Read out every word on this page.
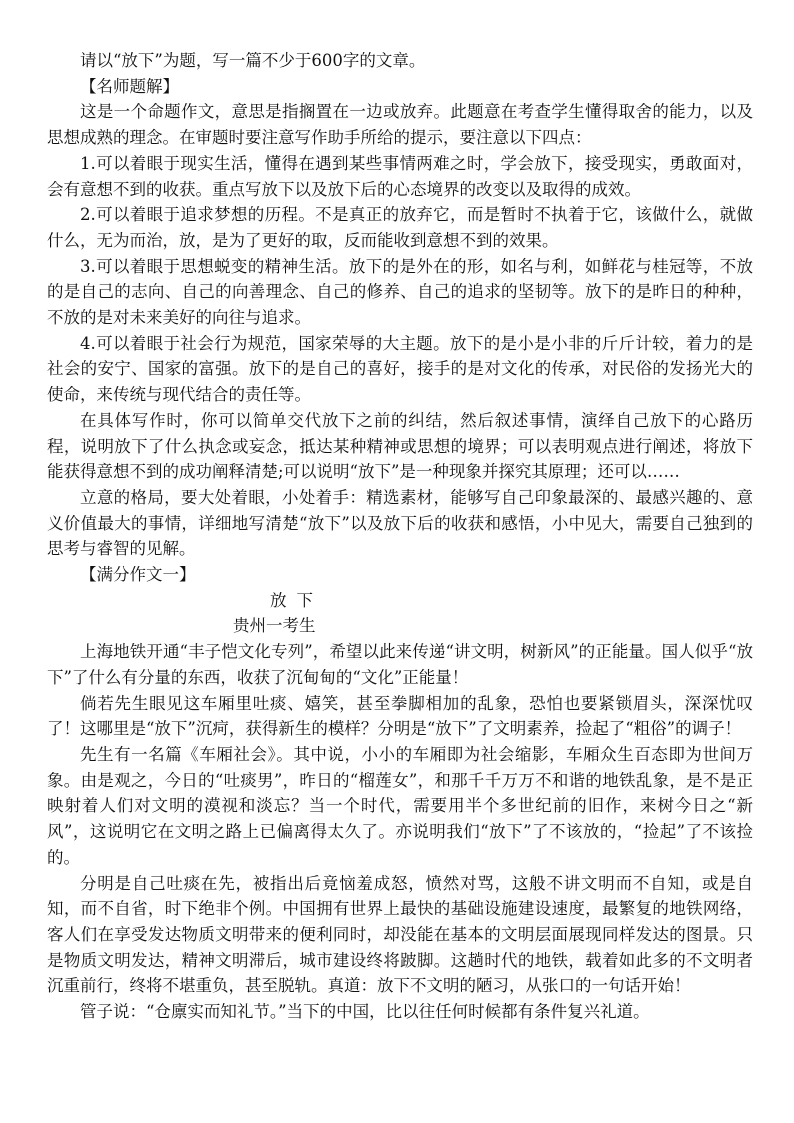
请以“放下”为题，写一篇不少于600字的文章。

【名师题解】

这是一个命题作文，意思是指搁置在一边或放弃。此题意在考查学生懂得取舍的能力，以及思想成熟的理念。在审题时要注意写作助手所给的提示，要注意以下四点：

1.可以着眼于现实生活，懂得在遇到某些事情两难之时，学会放下，接受现实，勇敢面对，会有意想不到的收获。重点写放下以及放下后的心态境界的改变以及取得的成效。

2.可以着眼于追求梦想的历程。不是真正的放弃它，而是暂时不执着于它，该做什么，就做什么，无为而治，放，是为了更好的取，反而能收到意想不到的效果。

3.可以着眼于思想蜕变的精神生活。放下的是外在的形，如名与利，如鲜花与桂冠等，不放的是自己的志向、自己的向善理念、自己的修养、自己的追求的坚韧等。放下的是昨日的种种，不放的是对未来美好的向往与追求。

4.可以着眼于社会行为规范，国家荣辱的大主题。放下的是小是小非的斤斤计较，着力的是社会的安宁、国家的富强。放下的是自己的喜好，接手的是对文化的传承，对民俗的发扬光大的使命，来传统与现代结合的责任等。

在具体写作时，你可以简单交代放下之前的纠结，然后叙述事情，演绎自己放下的心路历程，说明放下了什么执念或妄念，抵达某种精神或思想的境界；可以表明观点进行阐述，将放下能获得意想不到的成功阐释清楚;可以说明“放下”是一种现象并探究其原理；还可以……

立意的格局，要大处着眼，小处着手：精选素材，能够写自己印象最深的、最感兴趣的、意义价值最大的事情，详细地写清楚“放下”以及放下后的收获和感悟，小中见大，需要自己独到的思考与睿智的见解。

【满分作文一】

放下

贵州一考生

上海地铁开通“丰子恺文化专列”，希望以此来传递“讲文明，树新风”的正能量。国人似乎“放下”了什么有分量的东西，收获了沉甸甸的“文化”正能量！

倘若先生眼见这车厢里吐痰、嬉笑，甚至拳脚相加的乱象，恐怕也要紧锁眉头，深深忧叹了！这哪里是“放下”沉疴，获得新生的模样？分明是“放下”了文明素养，捡起了“粗俗”的调子！

先生有一名篇《车厢社会》。其中说，小小的车厢即为社会缩影，车厢众生百态即为世间万象。由是观之，今日的“吐痰男”，昨日的“榴莲女”，和那千千万万不和谐的地铁乱象，是不是正映射着人们对文明的漠视和淡忘？当一个时代，需要用半个多世纪前的旧作，来树今日之“新风”，这说明它在文明之路上已偏离得太久了。亦说明我们“放下”了不该放的，“捡起”了不该捡的。

分明是自己吐痰在先，被指出后竟恼羞成怒，愤然对骂，这般不讲文明而不自知，或是自知，而不自省，时下绝非个例。中国拥有世界上最快的基础设施建设速度，最繁复的地铁网络，客人们在享受发达物质文明带来的便利同时，却没能在基本的文明层面展现同样发达的图景。只是物质文明发达，精神文明滞后，城市建设终将跛脚。这趟时代的地铁，载着如此多的不文明者沉重前行，终将不堪重负，甚至脱轨。真道：放下不文明的陋习，从张口的一句话开始！

管子说：“仓廪实而知礼节。”当下的中国，比以往任何时候都有条件复兴礼道。
